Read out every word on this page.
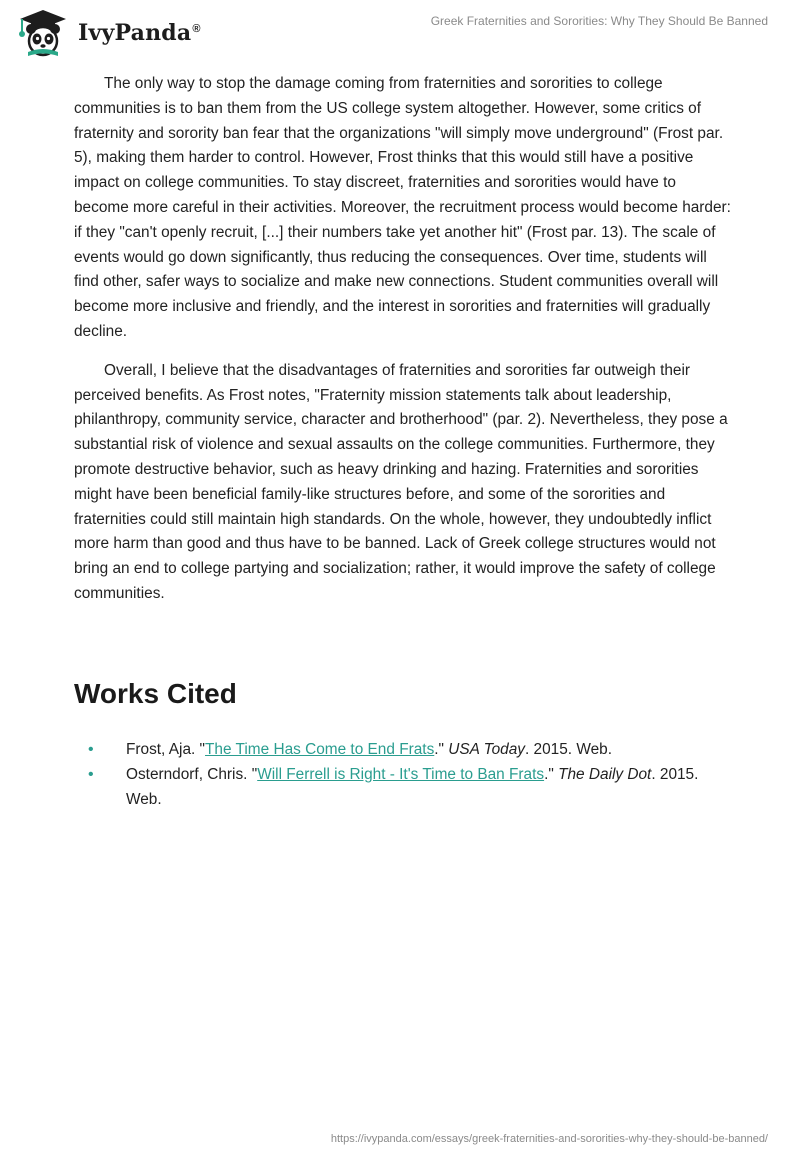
IvyPanda®
Greek Fraternities and Sororities: Why They Should Be Banned

The only way to stop the damage coming from fraternities and sororities to college communities is to ban them from the US college system altogether. However, some critics of fraternity and sorority ban fear that the organizations "will simply move underground" (Frost par. 5), making them harder to control. However, Frost thinks that this would still have a positive impact on college communities. To stay discreet, fraternities and sororities would have to become more careful in their activities. Moreover, the recruitment process would become harder: if they "can't openly recruit, [...] their numbers take yet another hit" (Frost par. 13). The scale of events would go down significantly, thus reducing the consequences. Over time, students will find other, safer ways to socialize and make new connections. Student communities overall will become more inclusive and friendly, and the interest in sororities and fraternities will gradually decline.

Overall, I believe that the disadvantages of fraternities and sororities far outweigh their perceived benefits. As Frost notes, "Fraternity mission statements talk about leadership, philanthropy, community service, character and brotherhood" (par. 2). Nevertheless, they pose a substantial risk of violence and sexual assaults on the college communities. Furthermore, they promote destructive behavior, such as heavy drinking and hazing. Fraternities and sororities might have been beneficial family-like structures before, and some of the sororities and fraternities could still maintain high standards. On the whole, however, they undoubtedly inflict more harm than good and thus have to be banned. Lack of Greek college structures would not bring an end to college partying and socialization; rather, it would improve the safety of college communities.

Works Cited
• Frost, Aja. "The Time Has Come to End Frats." USA Today. 2015. Web.
• Osterndorf, Chris. "Will Ferrell is Right - It's Time to Ban Frats." The Daily Dot. 2015. Web.
https://ivypanda.com/essays/greek-fraternities-and-sororities-why-they-should-be-banned/
